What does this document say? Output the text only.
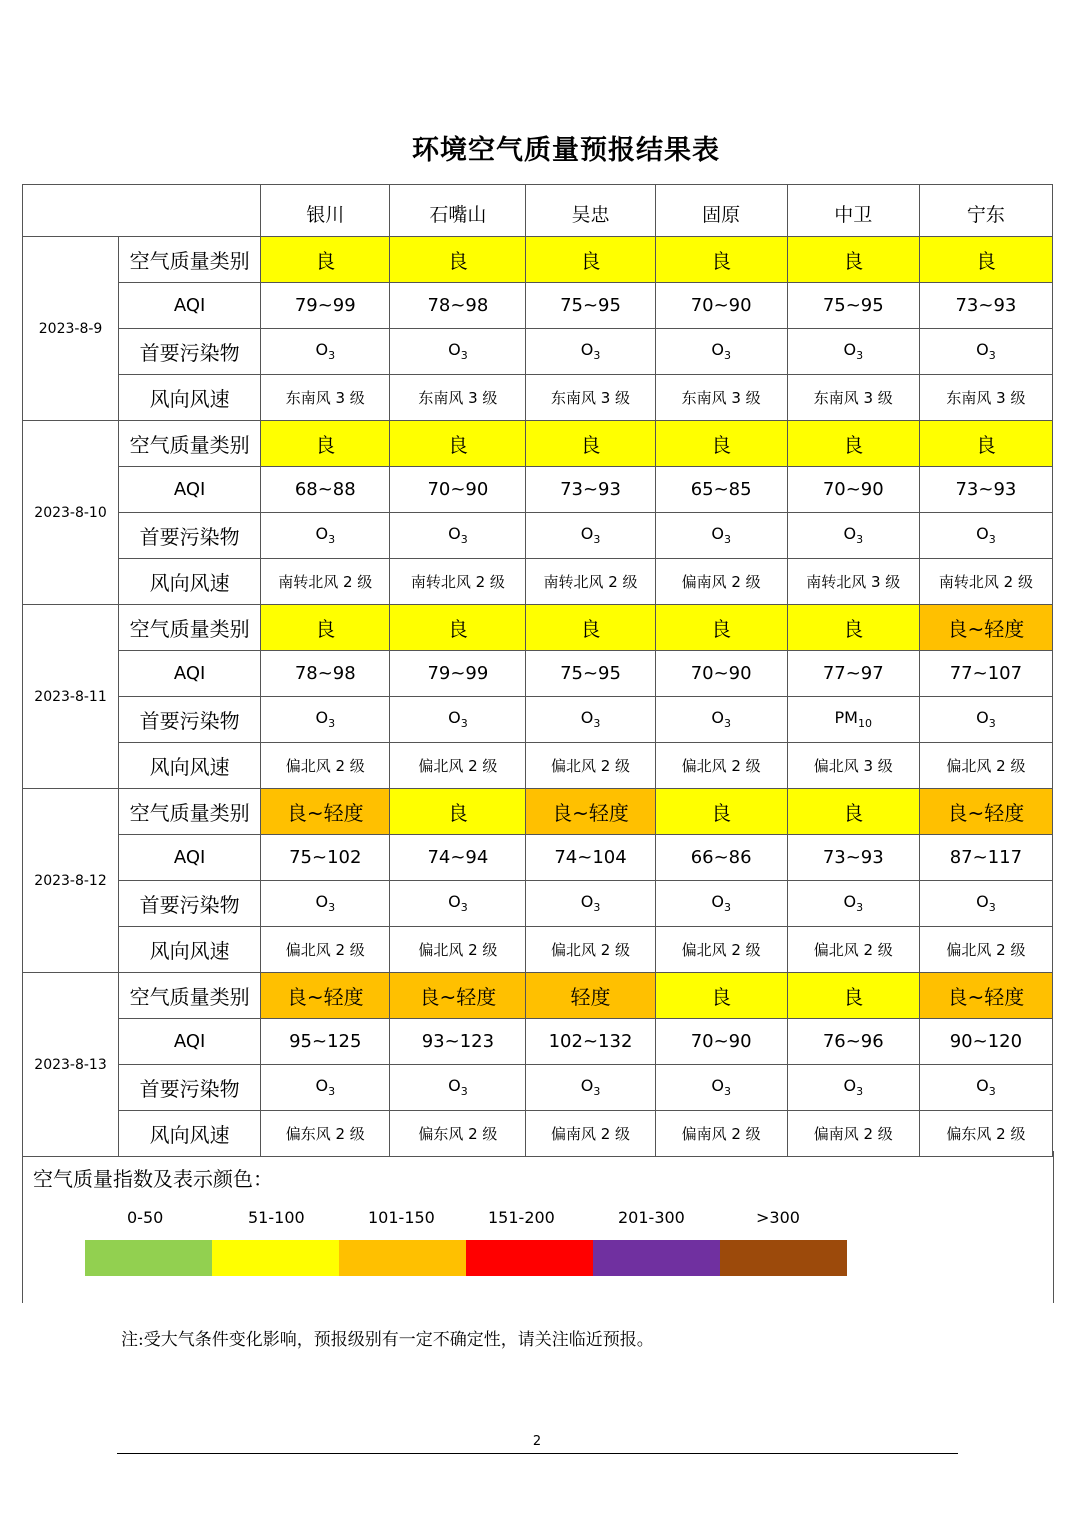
环境空气质量预报结果表
		银川	石嘴山	吴忠	固原	中卫	宁东
2023-8-9	空气质量类别	良	良	良	良	良	良
	AQI	79~99	78~98	75~95	70~90	75~95	73~93
	首要污染物	$O_3$	$O_3$	$O_3$	$O_3$	$O_3$	$O_3$
	风向风速	东南风 3 级	东南风 3 级	东南风 3 级	东南风 3 级	东南风 3 级	东南风 3 级
2023-8-10	空气质量类别	良	良	良	良	良	良
	AQI	68~88	70~90	73~93	65~85	70~90	73~93
	首要污染物	$O_3$	$O_3$	$O_3$	$O_3$	$O_3$	$O_3$
	风向风速	南转北风 2 级	南转北风 2 级	南转北风 2 级	偏南风 2 级	南转北风 3 级	南转北风 2 级
2023-8-11	空气质量类别	良	良	良	良	良	良~轻度
	AQI	78~98	79~99	75~95	70~90	77~97	77~107
	首要污染物	$O_3$	$O_3$	$O_3$	$O_3$	$PM_{10}$	$O_3$
	风向风速	偏北风 2 级	偏北风 2 级	偏北风 2 级	偏北风 2 级	偏北风 3 级	偏北风 2 级
2023-8-12	空气质量类别	良~轻度	良	良~轻度	良	良	良~轻度
	AQI	75~102	74~94	74~104	66~86	73~93	87~117
	首要污染物	$O_3$	$O_3$	$O_3$	$O_3$	$O_3$	$O_3$
	风向风速	偏北风 2 级	偏北风 2 级	偏北风 2 级	偏北风 2 级	偏北风 2 级	偏北风 2 级
2023-8-13	空气质量类别	良~轻度	良~轻度	轻度	良	良	良~轻度
	AQI	95~125	93~123	102~132	70~90	76~96	90~120
	首要污染物	$O_3$	$O_3$	$O_3$	$O_3$	$O_3$	$O_3$
	风向风速	偏东风 2 级	偏东风 2 级	偏南风 2 级	偏南风 2 级	偏南风 2 级	偏东风 2 级
空气质量指数及表示颜色：
0-50	51-100	101-150	151-200	201-300	>300
注:受大气条件变化影响，预报级别有一定不确定性，请关注临近预报。
2
